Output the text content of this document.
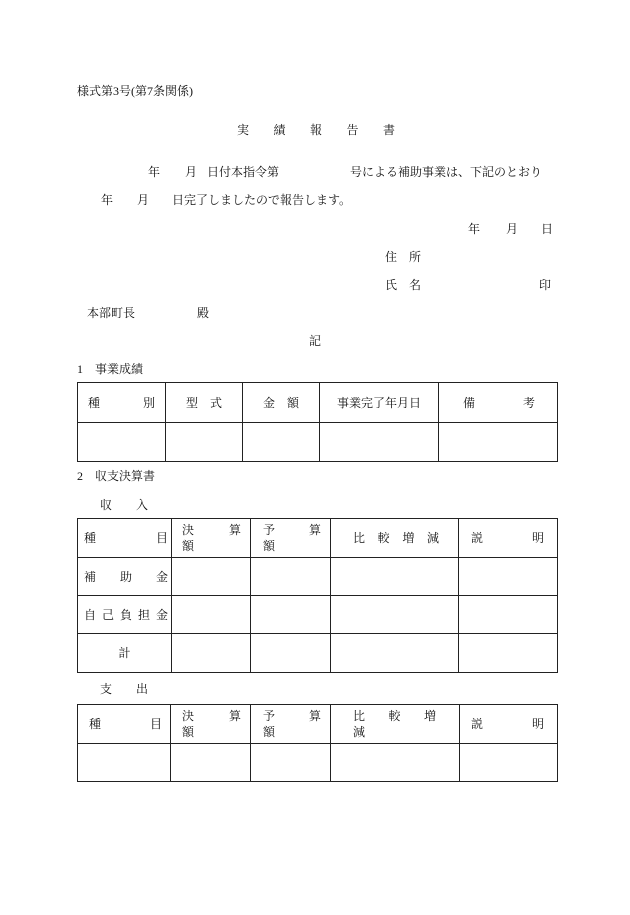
様式第3号(第7条関係)
実　績　報　告　書
年 月 日付本指令第	号による補助事業は、下記のとおり
年 月 日完了しましたので報告します。
年 月 日
住　所
氏　名	印
本部町長	殿
記
1　事業成績
種　　　別	型　式	金　額	事業完了年月日	備　　　考

2　収支決算書
収　　入
種　　　目	決　算　額	予　算　額	比　較　増　減	説　　　明
補　助　金				
自己負担金				
計				
支　　出
種　　　目	決　算　額	予　算　額	比　較　増　減	説　　　明
